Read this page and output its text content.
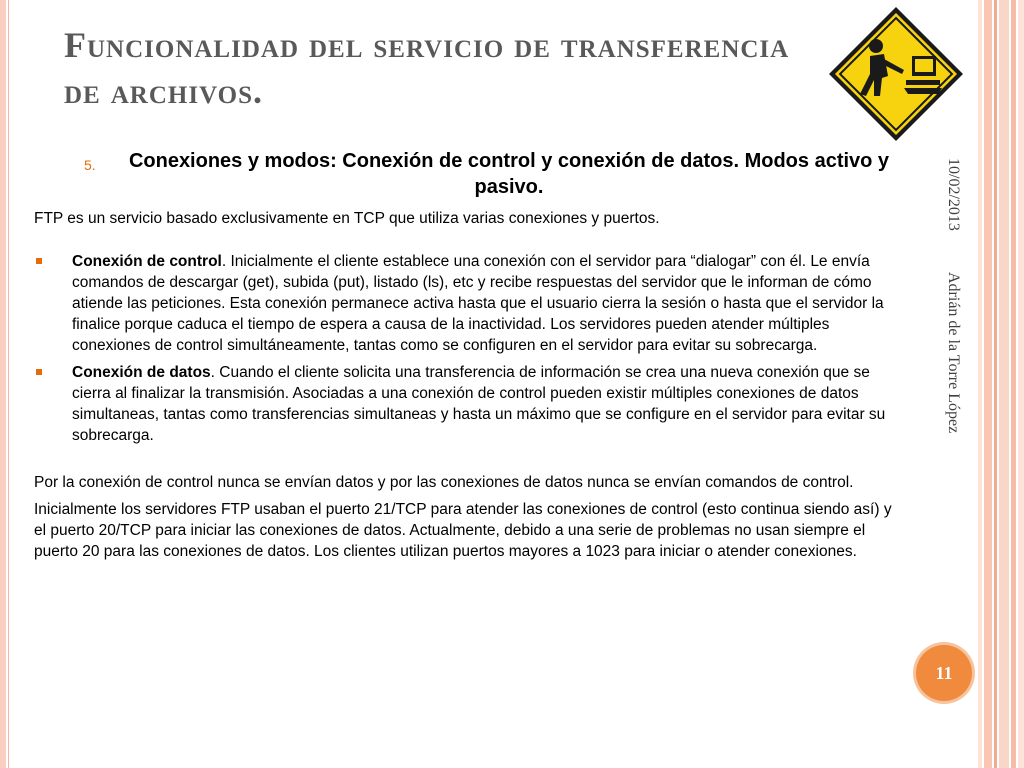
Funcionalidad del servicio de transferencia de archivos.
10/02/2013
Adrián de la Torre López
5.	Conexiones y modos: Conexión de control y conexión de datos. Modos activo y pasivo.

FTP es un servicio basado exclusivamente en TCP que utiliza varias conexiones y puertos.

Conexión de control. Inicialmente el cliente establece una conexión con el servidor para “dialogar” con él. Le envía comandos de descargar (get), subida (put), listado (ls), etc y recibe respuestas del servidor que le informan de cómo atiende las peticiones. Esta conexión permanece activa hasta que el usuario cierra la sesión o hasta que el servidor la finalice porque caduca el tiempo de espera a causa de la inactividad. Los servidores pueden atender múltiples conexiones de control simultáneamente, tantas como se configuren en el servidor para evitar su sobrecarga.
Conexión de datos. Cuando el cliente solicita una transferencia de información se crea una nueva conexión que se cierra al finalizar la transmisión. Asociadas a una conexión de control pueden existir múltiples conexiones de datos simultaneas, tantas como transferencias simultaneas y hasta un máximo que se configure en el servidor para evitar su sobrecarga.

Por la conexión de control nunca se envían datos y por las conexiones de datos nunca se envían comandos de control.

Inicialmente los servidores FTP usaban el puerto 21/TCP para atender las conexiones de control (esto continua siendo así) y el puerto 20/TCP para iniciar las conexiones de datos. Actualmente, debido a una serie de problemas no usan siempre el puerto 20 para las conexiones de datos. Los clientes utilizan puertos mayores a 1023 para iniciar o atender conexiones.

11
